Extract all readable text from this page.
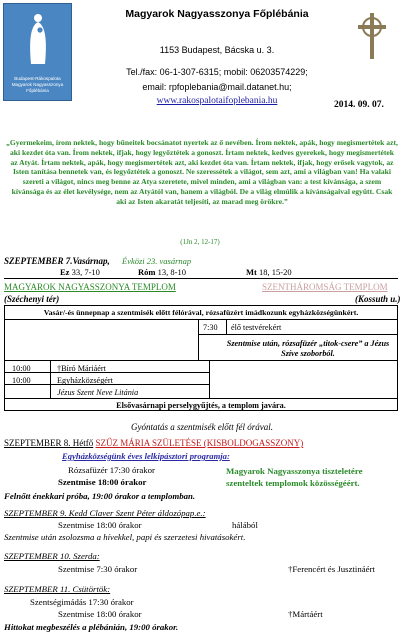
Budapest-Rákospalota Magyarok Nagyasszonya Főplébánia
Magyarok Nagyasszonya Főplébánia
1153 Budapest, Bácska u. 3.
Tel./fax: 06-1-307-6315; mobil: 06203574229;
email: rpfoplebania@mail.datanet.hu;
www.rakospalotaifoplebania.hu	2014. 09. 07.
„Gyermekeim, írom nektek, hogy bűneitek bocsánatot nyertek az ő nevében. Írom nektek, apák, hogy megismertétek azt, aki kezdet óta van. Írom nektek, ifjak, hogy legyőztétek a gonoszt. Írtam nektek, kedves gyerekek, hogy megismertétek az Atyát. Írtam nektek, apák, hogy megismertétek azt, aki kezdet óta van. Írtam nektek, ifjak, hogy erősek vagytok, az Isten tanítása bennetek van, és legyőztétek a gonoszt. Ne szeressétek a világot, sem azt, ami a világban van! Ha valaki szereti a világot, nincs meg benne az Atya szeretete, mivel minden, ami a világban van: a test kívánsága, a szem kívánsága és az élet kevélysége, nem az Atyától van, hanem a világból. De a világ elmúlik a kívánságaival együtt. Csak aki az Isten akaratát teljesíti, az marad meg örökre.”
(1Jn 2, 12-17)
SZEPTEMBER 7.Vasárnap, Évközi 23. vasárnap
Ez 33, 7-10	Róm 13, 8-10	Mt 18, 15-20
MAGYAROK NAGYASSZONYA TEMPLOM
(Széchenyi tér)
SZENTHÁROMSÁG TEMPLOM
(Kossuth u.)
Vasár/-és ünnepnap a szentmisék előtt félórával, rózsafüzért imádkozunk egyházközségünkért.
7:30 élő testvérekért
Szentmise után, rózsafüzér „titok-csere” a Jézus Szíve szoborból.
10:00	†Bíró Máriáért
10:00	Egyházközségért
Jézus Szent Neve Litánia
Elsővasárnapi perselygyűjtés, a templom javára.
Gyóntatás a szentmisék előtt fél órával.
SZEPTEMBER 8. Hétfő SZŰZ MÁRIA SZÜLETÉSE (KISBOLDOGASSZONY)
Egyházközségünk éves lelkipásztori programja:
Rózsafüzér 17:30 órakor
Szentmise 18:00 órakor
Magyarok Nagyasszonya tiszteletére szenteltek templomok közösségéért.
Felnőtt énekkari próba, 19:00 órakor a templomban.
SZEPTEMBER 9. Kedd Claver Szent Péter áldozópap.e.:
Szentmise 18:00 órakor	hálából
Szentmise után zsolozsma a hívekkel, papi és szerzetesi hivatásokért.
SZEPTEMBER 10. Szerda:
Szentmise 7:30 órakor	†Ferencért és Jusztináért
SZEPTEMBER 11. Csütörtök:
Szentségimádás 17:30 órakor
Szentmise 18:00 órakor	†Mártáért
Hittokat megbeszélés a plébánián, 19:00 órakor.
